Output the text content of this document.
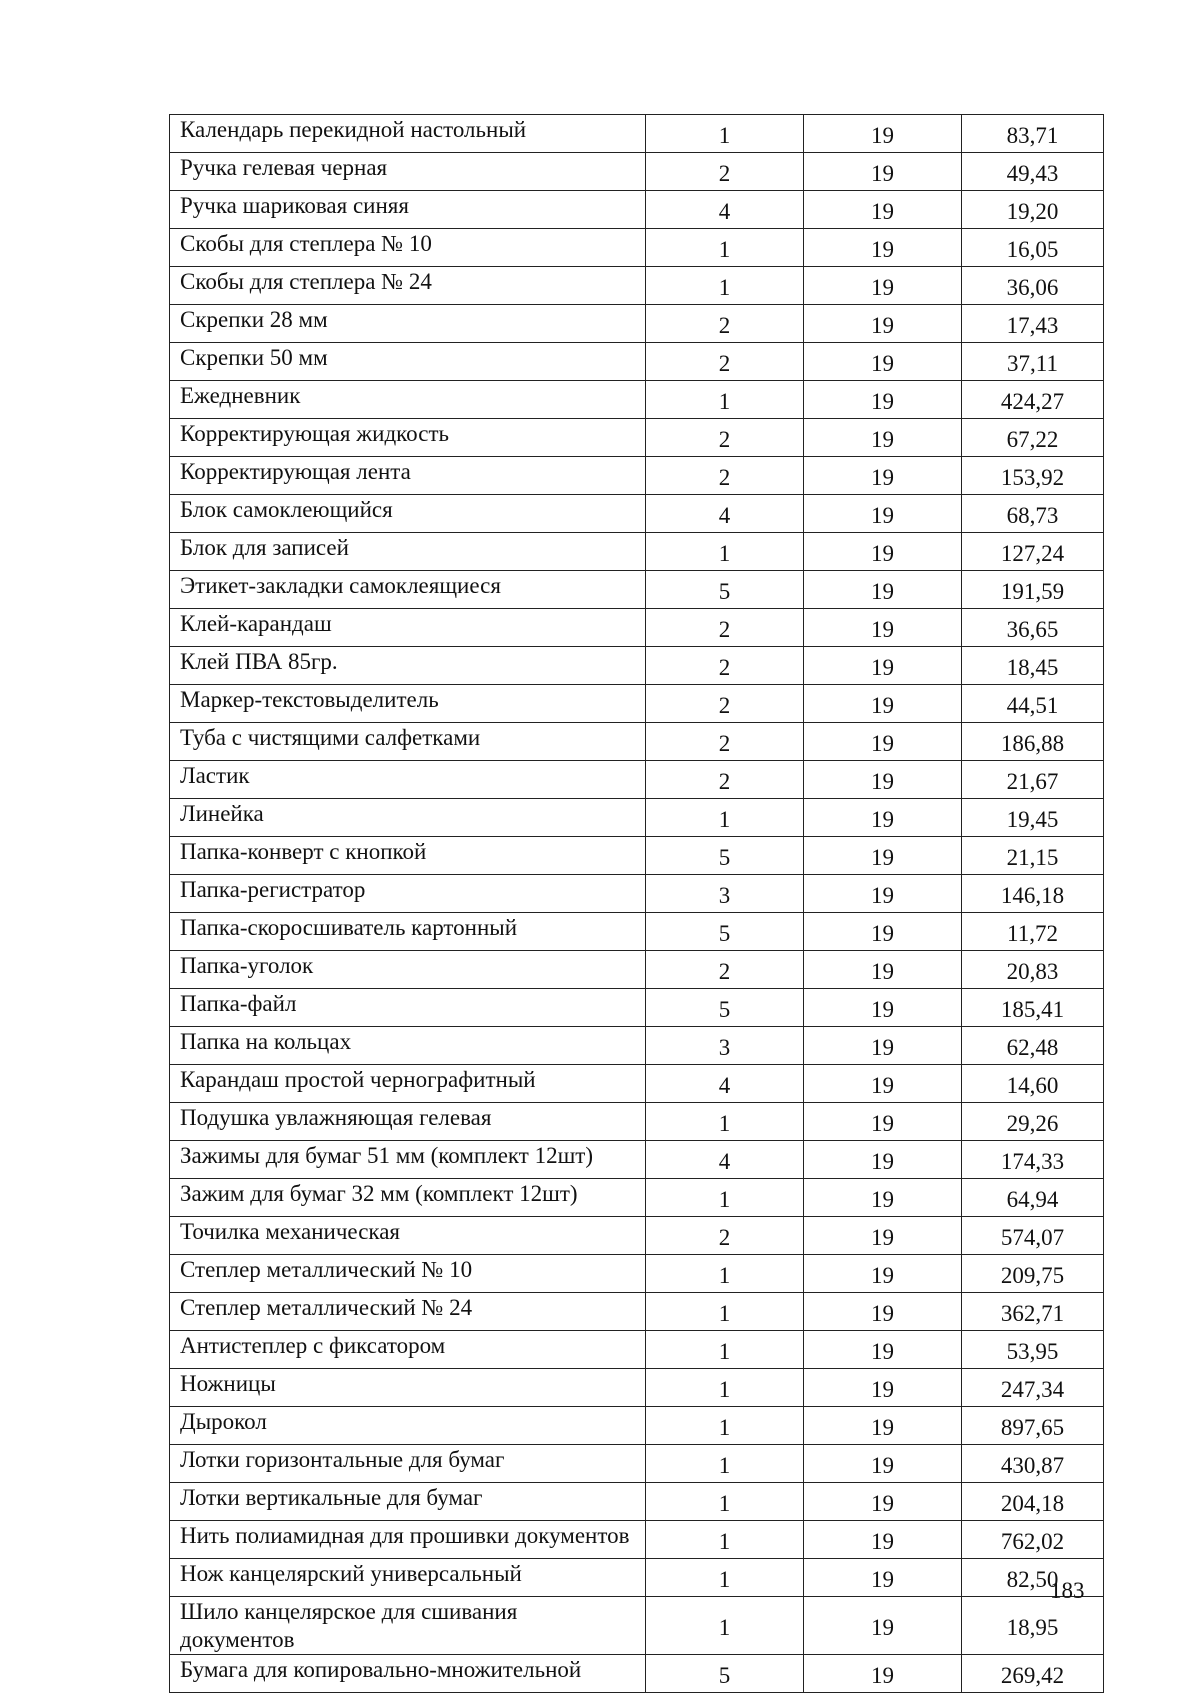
Календарь перекидной настольный	1	19	83,71
Ручка гелевая черная	2	19	49,43
Ручка шариковая синяя	4	19	19,20
Скобы для степлера № 10	1	19	16,05
Скобы для степлера № 24	1	19	36,06
Скрепки 28 мм	2	19	17,43
Скрепки 50 мм	2	19	37,11
Ежедневник	1	19	424,27
Корректирующая жидкость	2	19	67,22
Корректирующая лента	2	19	153,92
Блок самоклеющийся	4	19	68,73
Блок для записей	1	19	127,24
Этикет-закладки самоклеящиеся	5	19	191,59
Клей-карандаш	2	19	36,65
Клей ПВА 85гр.	2	19	18,45
Маркер-текстовыделитель	2	19	44,51
Туба с чистящими салфетками	2	19	186,88
Ластик	2	19	21,67
Линейка	1	19	19,45
Папка-конверт с кнопкой	5	19	21,15
Папка-регистратор	3	19	146,18
Папка-скоросшиватель картонный	5	19	11,72
Папка-уголок	2	19	20,83
Папка-файл	5	19	185,41
Папка на кольцах	3	19	62,48
Карандаш простой чернографитный	4	19	14,60
Подушка увлажняющая гелевая	1	19	29,26
Зажимы для бумаг 51 мм (комплект 12шт)	4	19	174,33
Зажим для бумаг 32 мм (комплект 12шт)	1	19	64,94
Точилка механическая	2	19	574,07
Степлер металлический № 10	1	19	209,75
Степлер металлический № 24	1	19	362,71
Антистеплер с фиксатором	1	19	53,95
Ножницы	1	19	247,34
Дырокол	1	19	897,65
Лотки горизонтальные для бумаг	1	19	430,87
Лотки вертикальные для бумаг	1	19	204,18
Нить полиамидная для прошивки документов	1	19	762,02
Нож канцелярский универсальный	1	19	82,50
Шило канцелярское для сшивания документов	1	19	18,95
Бумага для копировально-множительной	5	19	269,42
183
